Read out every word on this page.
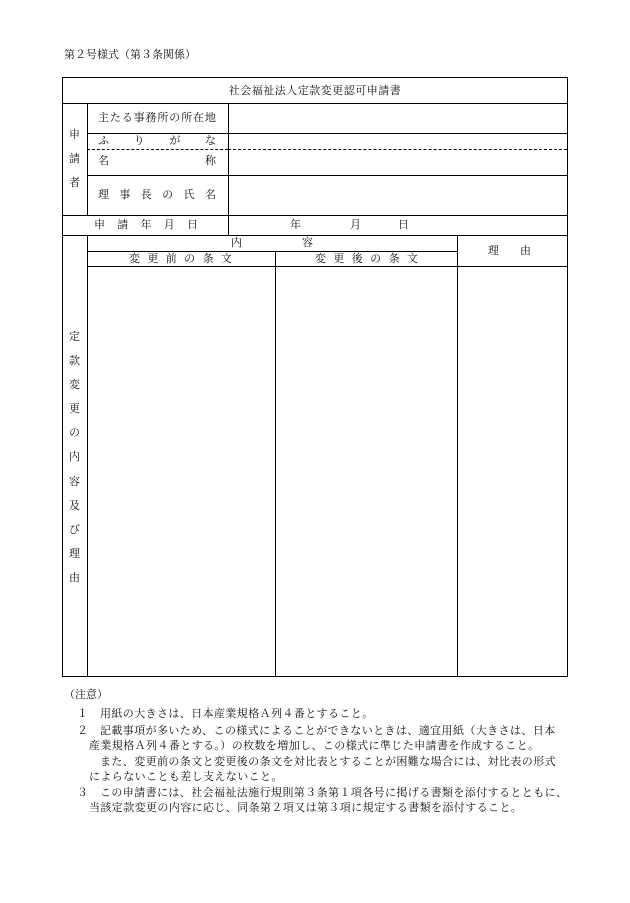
第２号様式（第３条関係）
社会福祉法人定款変更認可申請書
申
請
者
主 た る 事 務 所 の 所 在 地
ふ り が な
名	称
理 事 長 の 氏 名
申 請 年 月 日	年	月	日
定
款
変
更
の
内
容
及
び
理
由
内	容
理 由
変 更 前 の 条 文	変 更 後 の 条 文
（注意）
１ 用紙の大きさは、日本産業規格Ａ列４番とすること。
２ 記載事項が多いため、この様式によることができないときは、適宜用紙（大きさは、日本
産業規格Ａ列４番とする。）の枚数を増加し、この様式に準じた申請書を作成すること。
また、変更前の条文と変更後の条文を対比表とすることが困難な場合には、対比表の形式
によらないことも差し支えないこと。
３ この申請書には、社会福祉法施行規則第３条第１項各号に掲げる書類を添付するとともに、
当該定款変更の内容に応じ、同条第２項又は第３項に規定する書類を添付すること。
